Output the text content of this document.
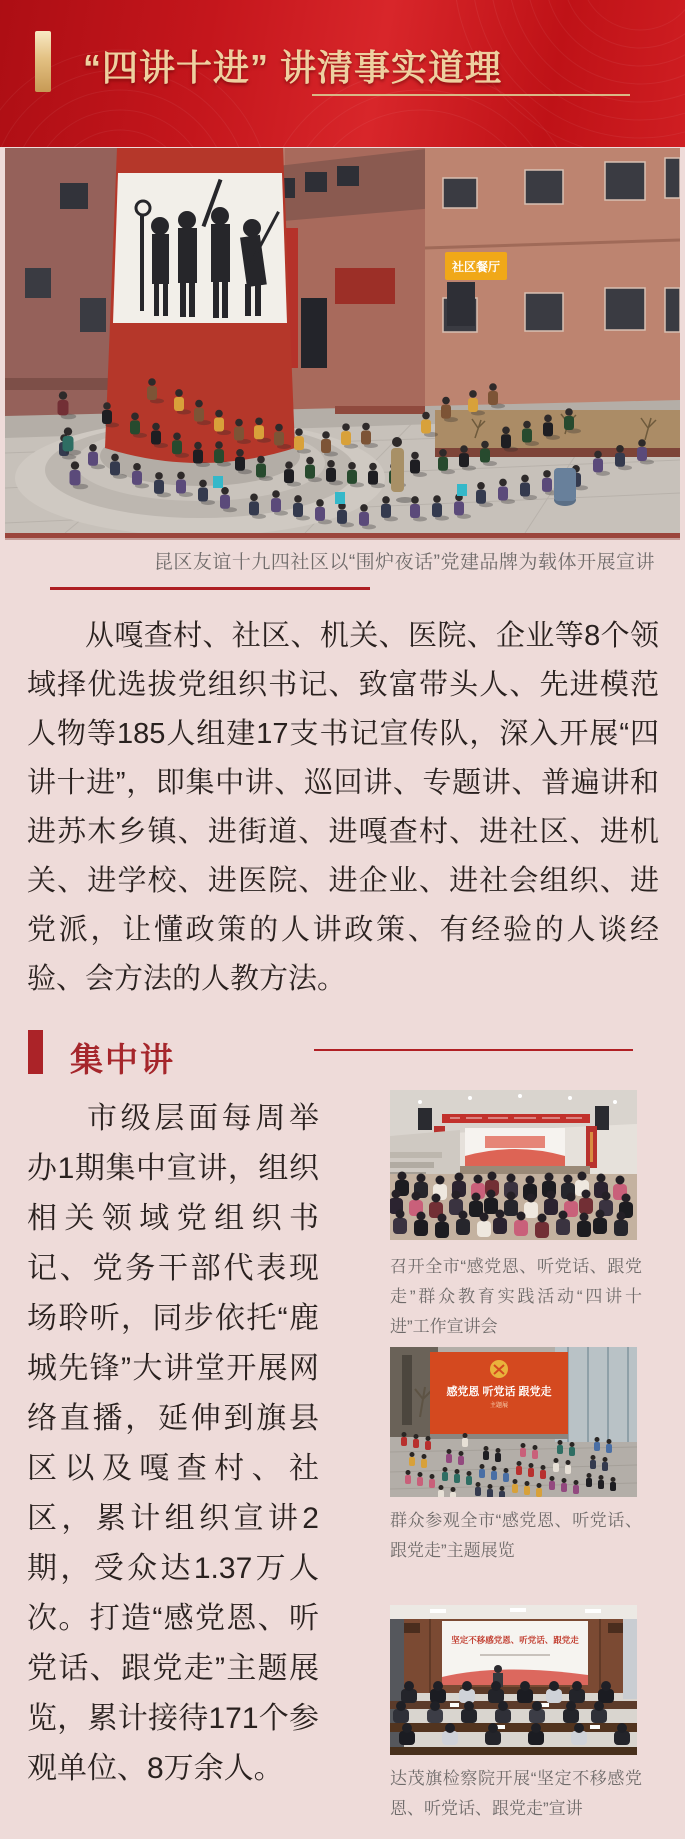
“四讲十进” 讲清事实道理
社区餐厅
昆区友谊十九四社区以“围炉夜话”党建品牌为载体开展宣讲
从嘎查村、社区、机关、医院、企业等8个领域择优选拔党组织书记、致富带头人、先进模范人物等185人组建17支书记宣传队，深入开展“四讲十进”，即集中讲、巡回讲、专题讲、普遍讲和进苏木乡镇、进街道、进嘎查村、进社区、进机关、进学校、进医院、进企业、进社会组织、进党派，让懂政策的人讲政策、有经验的人谈经验、会方法的人教方法。
集中讲
市级层面每周举办1期集中宣讲，组织相关领域党组织书记、党务干部代表现场聆听，同步依托“鹿城先锋”大讲堂开展网络直播，延伸到旗县区以及嘎查村、社区，累计组织宣讲2期，受众达1.37万人次。打造“感党恩、听党话、跟党走”主题展览，累计接待171个参观单位、8万余人。
召开全市“感党恩、听党话、跟党走”群众教育实践活动“四讲十进”工作宣讲会
感党恩 听党话 跟党走
主题展
群众参观全市“感党恩、听党话、跟党走”主题展览
坚定不移感党恩、听党话、跟党走
达茂旗检察院开展“坚定不移感党恩、听党话、跟党走”宣讲
